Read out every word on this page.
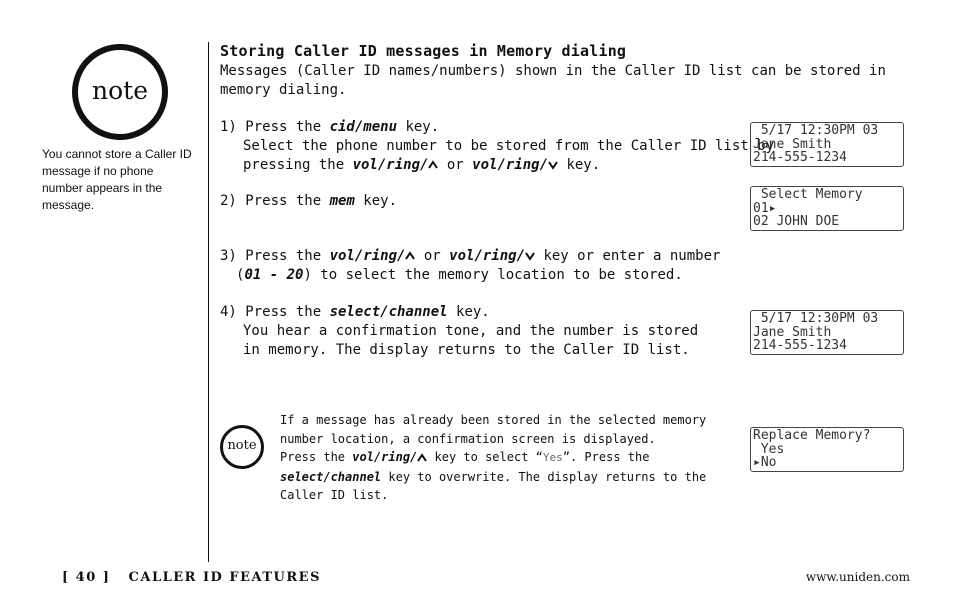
note
You cannot store a Caller ID message if no phone number appears in the message.
Storing Caller ID messages in Memory dialing
Messages (Caller ID names/numbers) shown in the Caller ID list can be stored in memory dialing.
1) Press the cid/menu key.
Select the phone number to be stored from the Caller ID list by
pressing the vol/ring/ or vol/ring/ key.
2) Press the mem key.
3) Press the vol/ring/ or vol/ring/ key or enter a number
(01 - 20) to select the memory location to be stored.
4) Press the select/channel key.
You hear a confirmation tone, and the number is stored
in memory. The display returns to the Caller ID list.
5/17 12:30PM 03
Jane Smith
214-555-1234
Select Memory
01▸
02 JOHN DOE
5/17 12:30PM 03
Jane Smith
214-555-1234
Replace Memory?
Yes
▸No
note
If a message has already been stored in the selected memory
number location, a confirmation screen is displayed.
Press the vol/ring/ key to select “Yes”. Press the
select/channel key to overwrite. The display returns to the
Caller ID list.
[ 40 ]   CALLER ID FEATURES	www.uniden.com
